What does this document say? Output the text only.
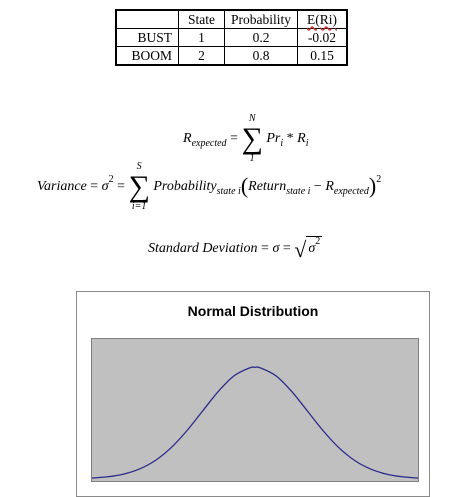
	State	Probability	E(Ri)
BUST	1	0.2	-0.02
BOOM	2	0.8	0.15
$R_{expected}$ = ∑
N
1
$Pr_i * R_i$
Variance = $\sigma^2$ = ∑
S
i=1
Probability$_{state i}$(Return$_{state i}$ − $R_{expected})^2$
Standard Deviation = σ = √ $\sigma^2$
Normal Distribution
